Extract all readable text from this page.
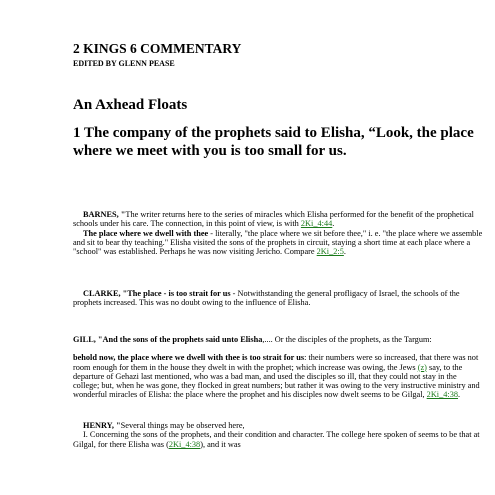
2 KINGS 6 COMMENTARY
EDITED BY GLENN PEASE
An Axhead Floats
1 The company of the prophets said to Elisha, “Look, the place where we meet with you is too small for us.

BARNES, "The writer returns here to the series of miracles which Elisha performed for the benefit of the prophetical schools under his care. The connection, in this point of view, is with 2Ki_4:44.

The place where we dwell with thee - literally, "the place where we sit before thee," i. e. "the place where we assemble and sit to bear thy teaching." Elisha visited the sons of the prophets in circuit, staying a short time at each place where a "school" was established. Perhaps he was now visiting Jericho. Compare 2Ki_2:5.

CLARKE, "The place - is too strait for us - Notwithstanding the general profligacy of Israel, the schools of the prophets increased. This was no doubt owing to the influence of Elisha.

GILL, "And the sons of the prophets said unto Elisha,.... Or the disciples of the prophets, as the Targum:

behold now, the place where we dwell with thee is too strait for us: their numbers were so increased, that there was not room enough for them in the house they dwelt in with the prophet; which increase was owing, the Jews (z) say, to the departure of Gehazi last mentioned, who was a bad man, and used the disciples so ill, that they could not stay in the college; but, when he was gone, they flocked in great numbers; but rather it was owing to the very instructive ministry and wonderful miracles of Elisha: the place where the prophet and his disciples now dwelt seems to be Gilgal, 2Ki_4:38.

HENRY, "Several things may be observed here,

I. Concerning the sons of the prophets, and their condition and character. The college here spoken of seems to be that at Gilgal, for there Elisha was (2Ki_4:38), and it was
